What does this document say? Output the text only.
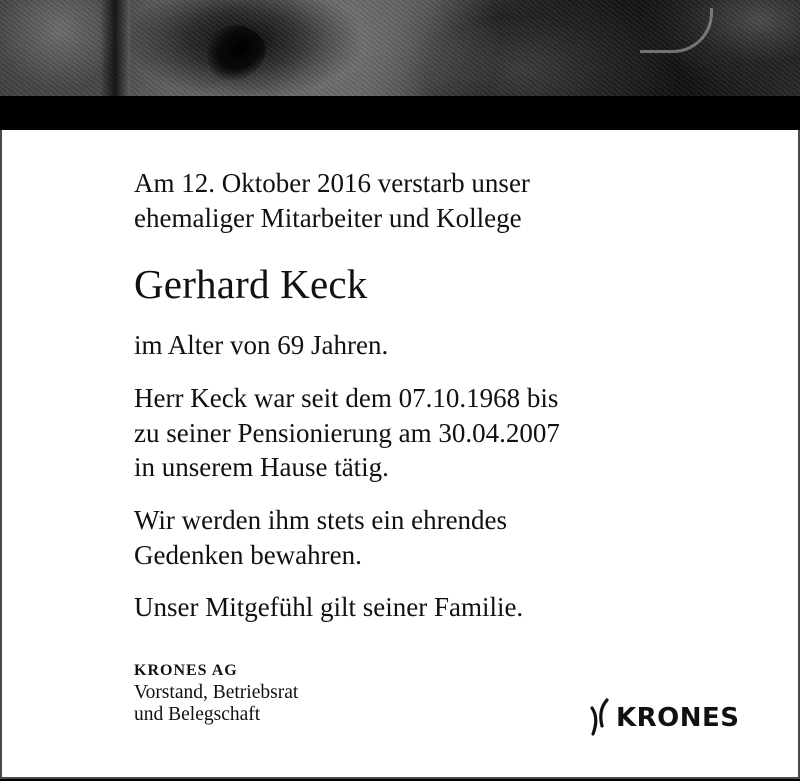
Am 12. Oktober 2016 verstarb unser
ehemaliger Mitarbeiter und Kollege
Gerhard Keck
im Alter von 69 Jahren.
Herr Keck war seit dem 07.10.1968 bis
zu seiner Pensionierung am 30.04.2007
in unserem Hause tätig.
Wir werden ihm stets ein ehrendes
Gedenken bewahren.
Unser Mitgefühl gilt seiner Familie.
KRONES AG
Vorstand, Betriebsrat
und Belegschaft	KRONES
